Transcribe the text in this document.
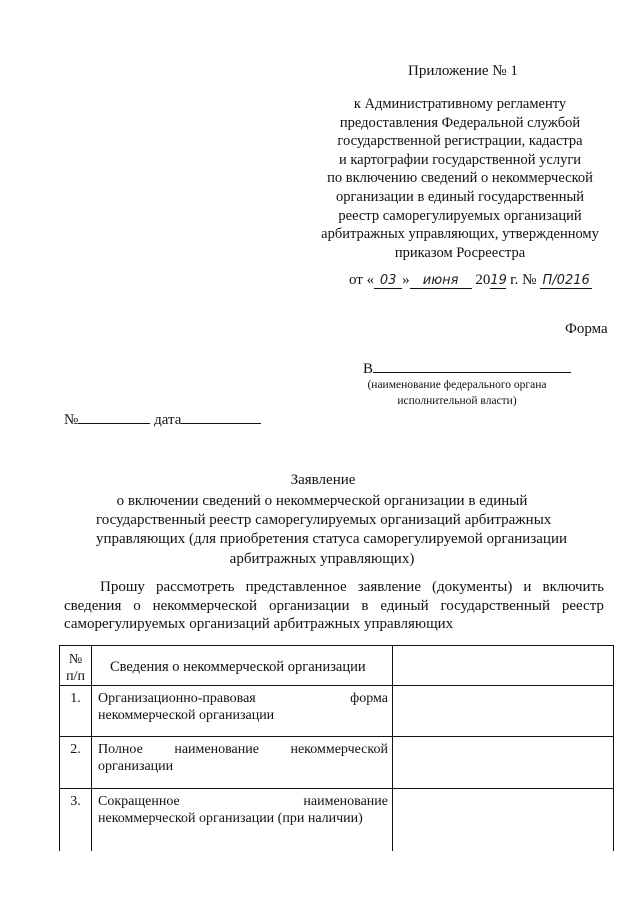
Приложение № 1
к Административному регламенту
предоставления Федеральной службой
государственной регистрации, кадастра
и картографии государственной услуги
по включению сведений о некоммерческой
организации в единый государственный
реестр саморегулируемых организаций
арбитражных управляющих, утвержденному
приказом Росреестра
от « 03 » июня 2019 г. № П/0216
Форма
В
(наименование федерального органа
исполнительной власти)
№	дата
Заявление
о включении сведений о некоммерческой организации в единый
государственный реестр саморегулируемых организаций арбитражных
управляющих (для приобретения статуса саморегулируемой организации
арбитражных управляющих)
Прошу рассмотреть представленное заявление (документы) и включить
сведения о некоммерческой организации в единый государственный реестр
саморегулируемых организаций арбитражных управляющих
№
п/п	Сведения о некоммерческой организации	

1.	Организационно-правовая форма
некоммерческой организации	

2.	Полное наименование некоммерческой
организации	

3.	Сокращенное наименование
некоммерческой организации (при наличии)	
